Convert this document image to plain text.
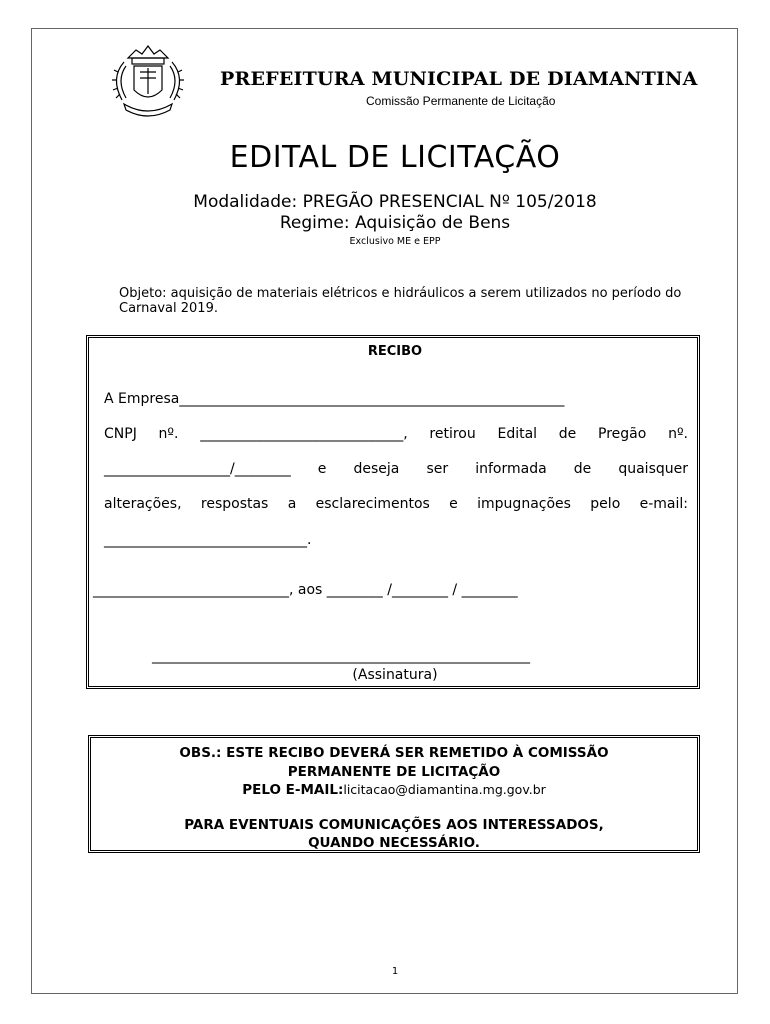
PREFEITURA MUNICIPAL DE DIAMANTINA
Comissão Permanente de Licitação
EDITAL DE LICITAÇÃO
Modalidade: PREGÃO PRESENCIAL Nº 105/2018
Regime: Aquisição de Bens
Exclusivo ME e EPP
Objeto: aquisição de materiais elétricos e hidráulicos a serem utilizados no período do Carnaval 2019.
RECIBO
A Empresa_______________________________________________________
CNPJ nº. _____________________________, retirou Edital de Pregão nº.
__________________/________ e deseja ser informada de quaisquer
alterações, respostas a esclarecimentos e impugnações pelo e-mail:
_____________________________.
____________________________, aos ________ /________ / ________
______________________________________________________
(Assinatura)
OBS.: ESTE RECIBO DEVERÁ SER REMETIDO À COMISSÃO
PERMANENTE DE LICITAÇÃO
PELO E-MAIL:licitacao@diamantina.mg.gov.br
PARA EVENTUAIS COMUNICAÇÕES AOS INTERESSADOS,
QUANDO NECESSÁRIO.
1
